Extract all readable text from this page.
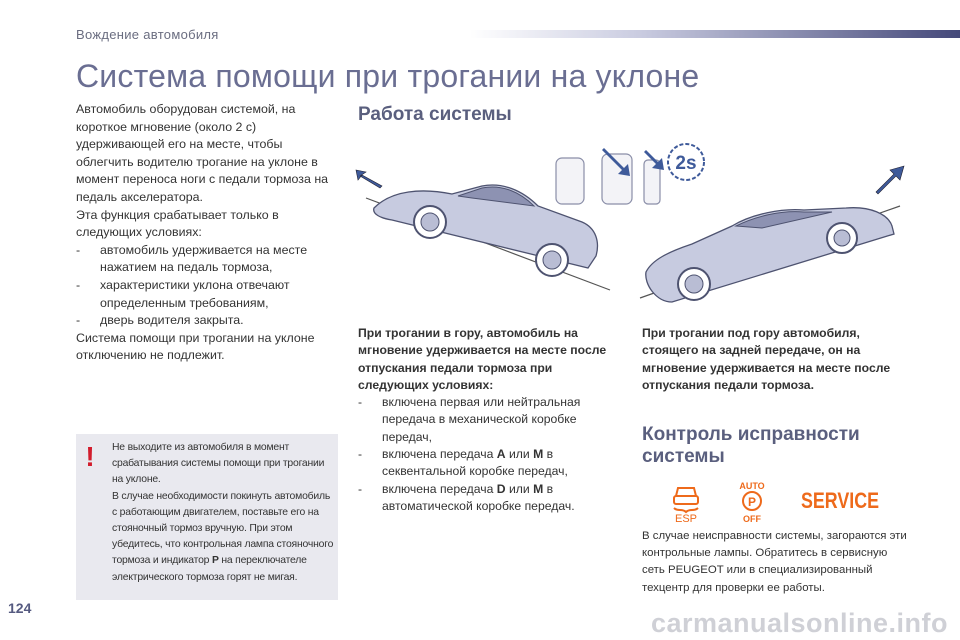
Вождение автомобиля
Система помощи при трогании на уклоне

Автомобиль оборудован системой, на короткое мгновение (около 2 с) удерживающей его на месте, чтобы облегчить водителю трогание на уклоне в момент переноса ноги с педали тормоза на педаль акселератора.

Эта функция срабатывает только в следующих условиях:

-	автомобиль удерживается на месте нажатием на педаль тормоза,
-	характеристики уклона отвечают определенным требованиям,
-	дверь водителя закрыта.

Система помощи при трогании на уклоне отключению не подлежит.

! Не выходите из автомобиля в момент срабатывания системы помощи при трогании на уклоне.

В случае необходимости покинуть автомобиль с работающим двигателем, поставьте его на стояночный тормоз вручную. При этом убедитесь, что контрольная лампа стояночного тормоза и индикатор P на переключателе электрического тормоза горят не мигая.

Работа системы
2s

При трогании в гору, автомобиль на мгновение удерживается на месте после отпускания педали тормоза при следующих условиях:

-	включена первая или нейтральная передача в механической коробке передач,
-	включена передача A или M в секвентальной коробке передач,
-	включена передача D или M в автоматической коробке передач.

При трогании под гору автомобиля, стоящего на задней передаче, он на мгновение удерживается на месте после отпускания педали тормоза.

Контроль исправности системы
ESP
AUTO
P
OFF
SERVICE
В случае неисправности системы, загораются эти контрольные лампы. Обратитесь в сервисную сеть PEUGEOT или в специализированный техцентр для проверки ее работы.
124	carmanualsonline.info
